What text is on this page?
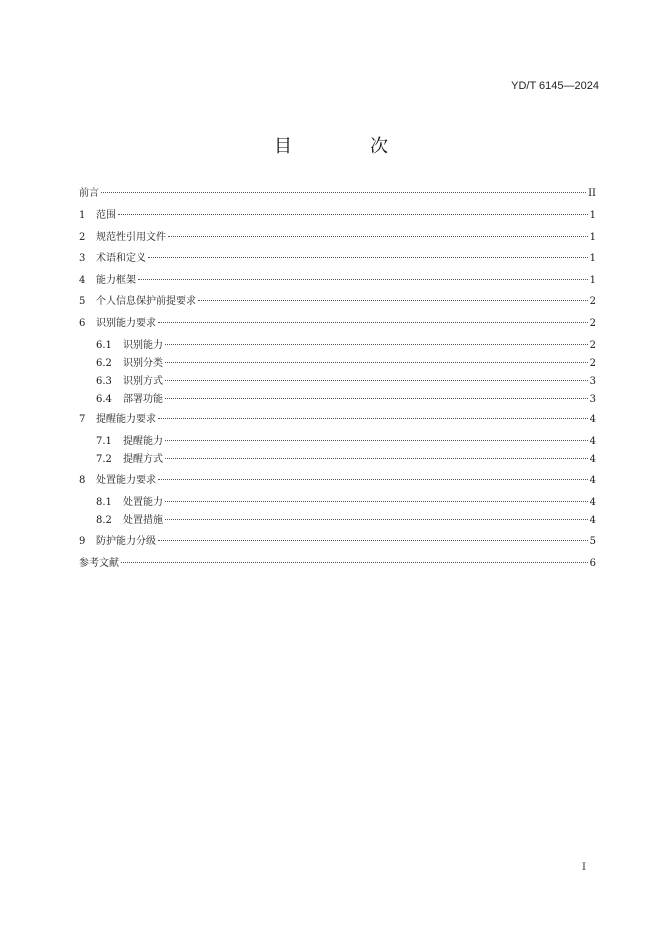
YD/T 6145—2024
目　次
前言	II
1	范围	1
2	规范性引用文件	1
3	术语和定义	1
4	能力框架	1
5	个人信息保护前提要求	2
6	识别能力要求	2
6.1	识别能力	2
6.2	识别分类	2
6.3	识别方式	3
6.4	部署功能	3
7	提醒能力要求	4
7.1	提醒能力	4
7.2	提醒方式	4
8	处置能力要求	4
8.1	处置能力	4
8.2	处置措施	4
9	防护能力分级	5
参考文献	6
I
